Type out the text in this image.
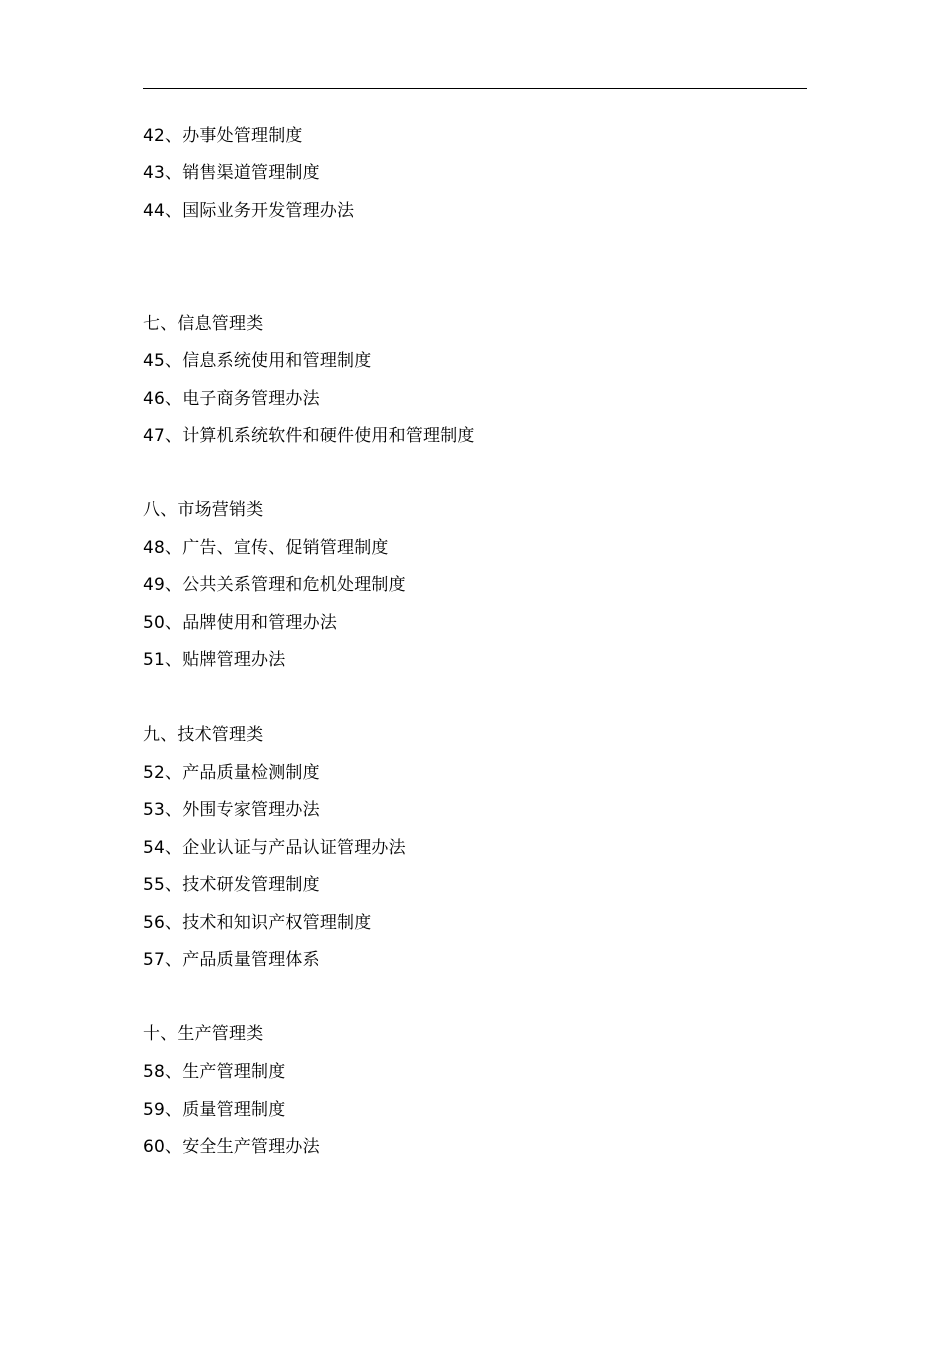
42、办事处管理制度
43、销售渠道管理制度
44、国际业务开发管理办法
七、信息管理类
45、信息系统使用和管理制度
46、电子商务管理办法
47、计算机系统软件和硬件使用和管理制度
八、市场营销类
48、广告、宣传、促销管理制度
49、公共关系管理和危机处理制度
50、品牌使用和管理办法
51、贴牌管理办法
九、技术管理类
52、产品质量检测制度
53、外围专家管理办法
54、企业认证与产品认证管理办法
55、技术研发管理制度
56、技术和知识产权管理制度
57、产品质量管理体系
十、生产管理类
58、生产管理制度
59、质量管理制度
60、安全生产管理办法
